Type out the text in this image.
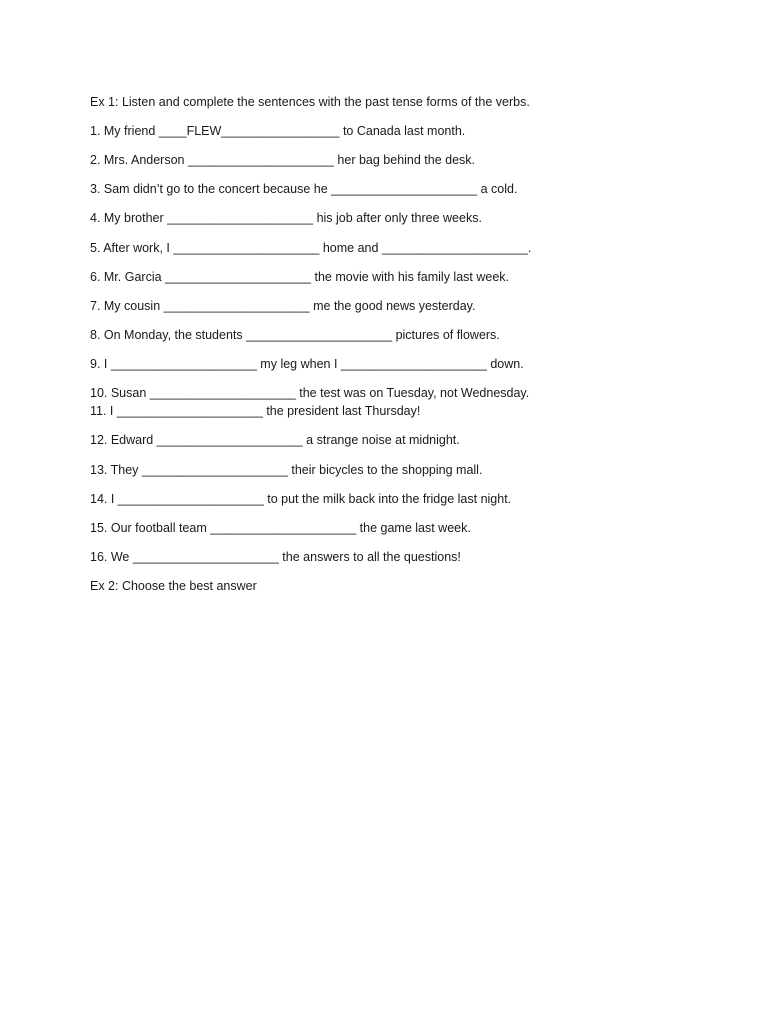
Ex 1: Listen and complete the sentences with the past tense forms of the verbs.
1. My friend ____FLEW_________________ to Canada last month.
2. Mrs. Anderson _____________________ her bag behind the desk.
3. Sam didn’t go to the concert because he _____________________ a cold.
4. My brother _____________________ his job after only three weeks.
5. After work, I _____________________ home and _____________________.
6. Mr. Garcia _____________________ the movie with his family last week.
7. My cousin _____________________ me the good news yesterday.
8. On Monday, the students _____________________ pictures of flowers.
9. I _____________________ my leg when I _____________________ down.
10. Susan _____________________ the test was on Tuesday, not Wednesday.
11. I _____________________ the president last Thursday!
12. Edward _____________________ a strange noise at midnight.
13. They _____________________ their bicycles to the shopping mall.
14. I _____________________ to put the milk back into the fridge last night.
15. Our football team _____________________ the game last week.
16. We _____________________ the answers to all the questions!
Ex 2: Choose the best answer
